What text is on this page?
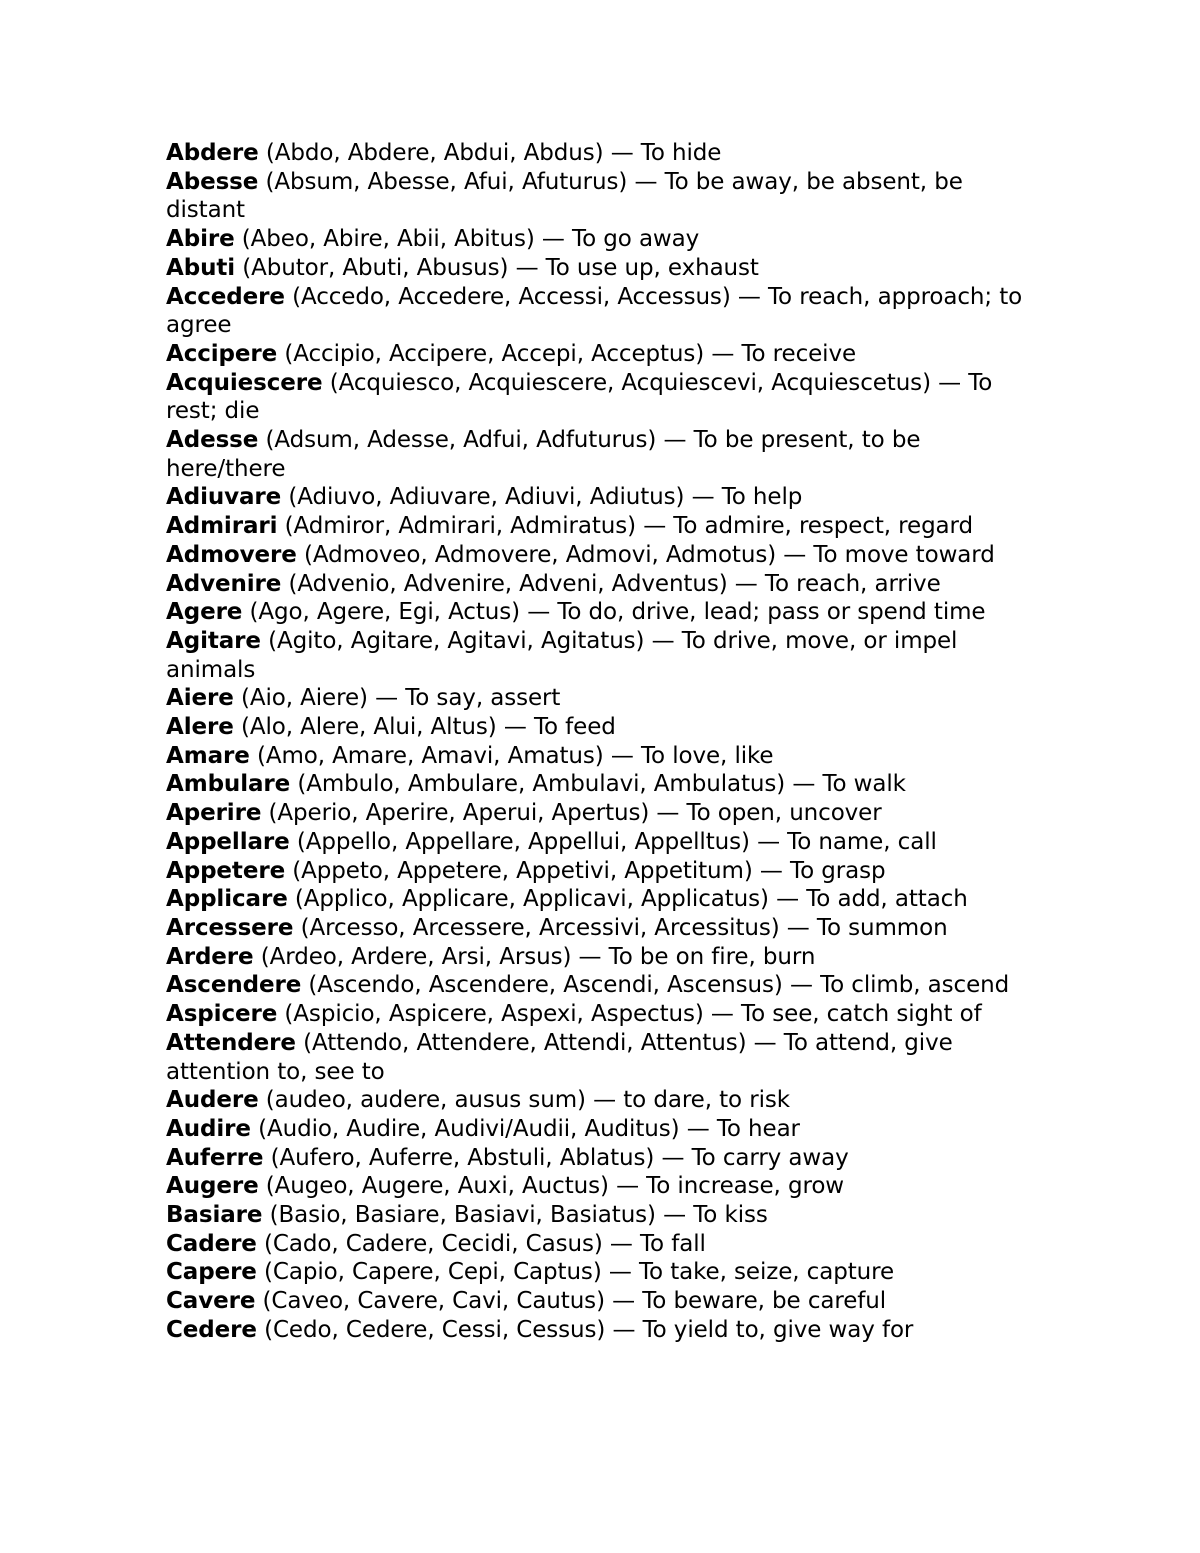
Abdere (Abdo, Abdere, Abdui, Abdus) — To hide

Abesse (Absum, Abesse, Afui, Afuturus) — To be away, be absent, be distant

Abire (Abeo, Abire, Abii, Abitus) — To go away

Abuti (Abutor, Abuti, Abusus) — To use up, exhaust

Accedere (Accedo, Accedere, Accessi, Accessus) — To reach, approach; to agree

Accipere (Accipio, Accipere, Accepi, Acceptus) — To receive

Acquiescere (Acquiesco, Acquiescere, Acquiescevi, Acquiescetus) — To rest; die

Adesse (Adsum, Adesse, Adfui, Adfuturus) — To be present, to be here/there

Adiuvare (Adiuvo, Adiuvare, Adiuvi, Adiutus) — To help

Admirari (Admiror, Admirari, Admiratus) — To admire, respect, regard

Admovere (Admoveo, Admovere, Admovi, Admotus) — To move toward

Advenire (Advenio, Advenire, Adveni, Adventus) — To reach, arrive

Agere (Ago, Agere, Egi, Actus) — To do, drive, lead; pass or spend time

Agitare (Agito, Agitare, Agitavi, Agitatus) — To drive, move, or impel animals

Aiere (Aio, Aiere) — To say, assert

Alere (Alo, Alere, Alui, Altus) — To feed

Amare (Amo, Amare, Amavi, Amatus) — To love, like

Ambulare (Ambulo, Ambulare, Ambulavi, Ambulatus) — To walk

Aperire (Aperio, Aperire, Aperui, Apertus) — To open, uncover

Appellare (Appello, Appellare, Appellui, Appelltus) — To name, call

Appetere (Appeto, Appetere, Appetivi, Appetitum) — To grasp

Applicare (Applico, Applicare, Applicavi, Applicatus) — To add, attach

Arcessere (Arcesso, Arcessere, Arcessivi, Arcessitus) — To summon

Ardere (Ardeo, Ardere, Arsi, Arsus) — To be on fire, burn

Ascendere (Ascendo, Ascendere, Ascendi, Ascensus) — To climb, ascend

Aspicere (Aspicio, Aspicere, Aspexi, Aspectus) — To see, catch sight of

Attendere (Attendo, Attendere, Attendi, Attentus) — To attend, give attention to, see to

Audere (audeo, audere, ausus sum) — to dare, to risk

Audire (Audio, Audire, Audivi/Audii, Auditus) — To hear

Auferre (Aufero, Auferre, Abstuli, Ablatus) — To carry away

Augere (Augeo, Augere, Auxi, Auctus) — To increase, grow

Basiare (Basio, Basiare, Basiavi, Basiatus) — To kiss

Cadere (Cado, Cadere, Cecidi, Casus) — To fall

Capere (Capio, Capere, Cepi, Captus) — To take, seize, capture

Cavere (Caveo, Cavere, Cavi, Cautus) — To beware, be careful

Cedere (Cedo, Cedere, Cessi, Cessus) — To yield to, give way for
